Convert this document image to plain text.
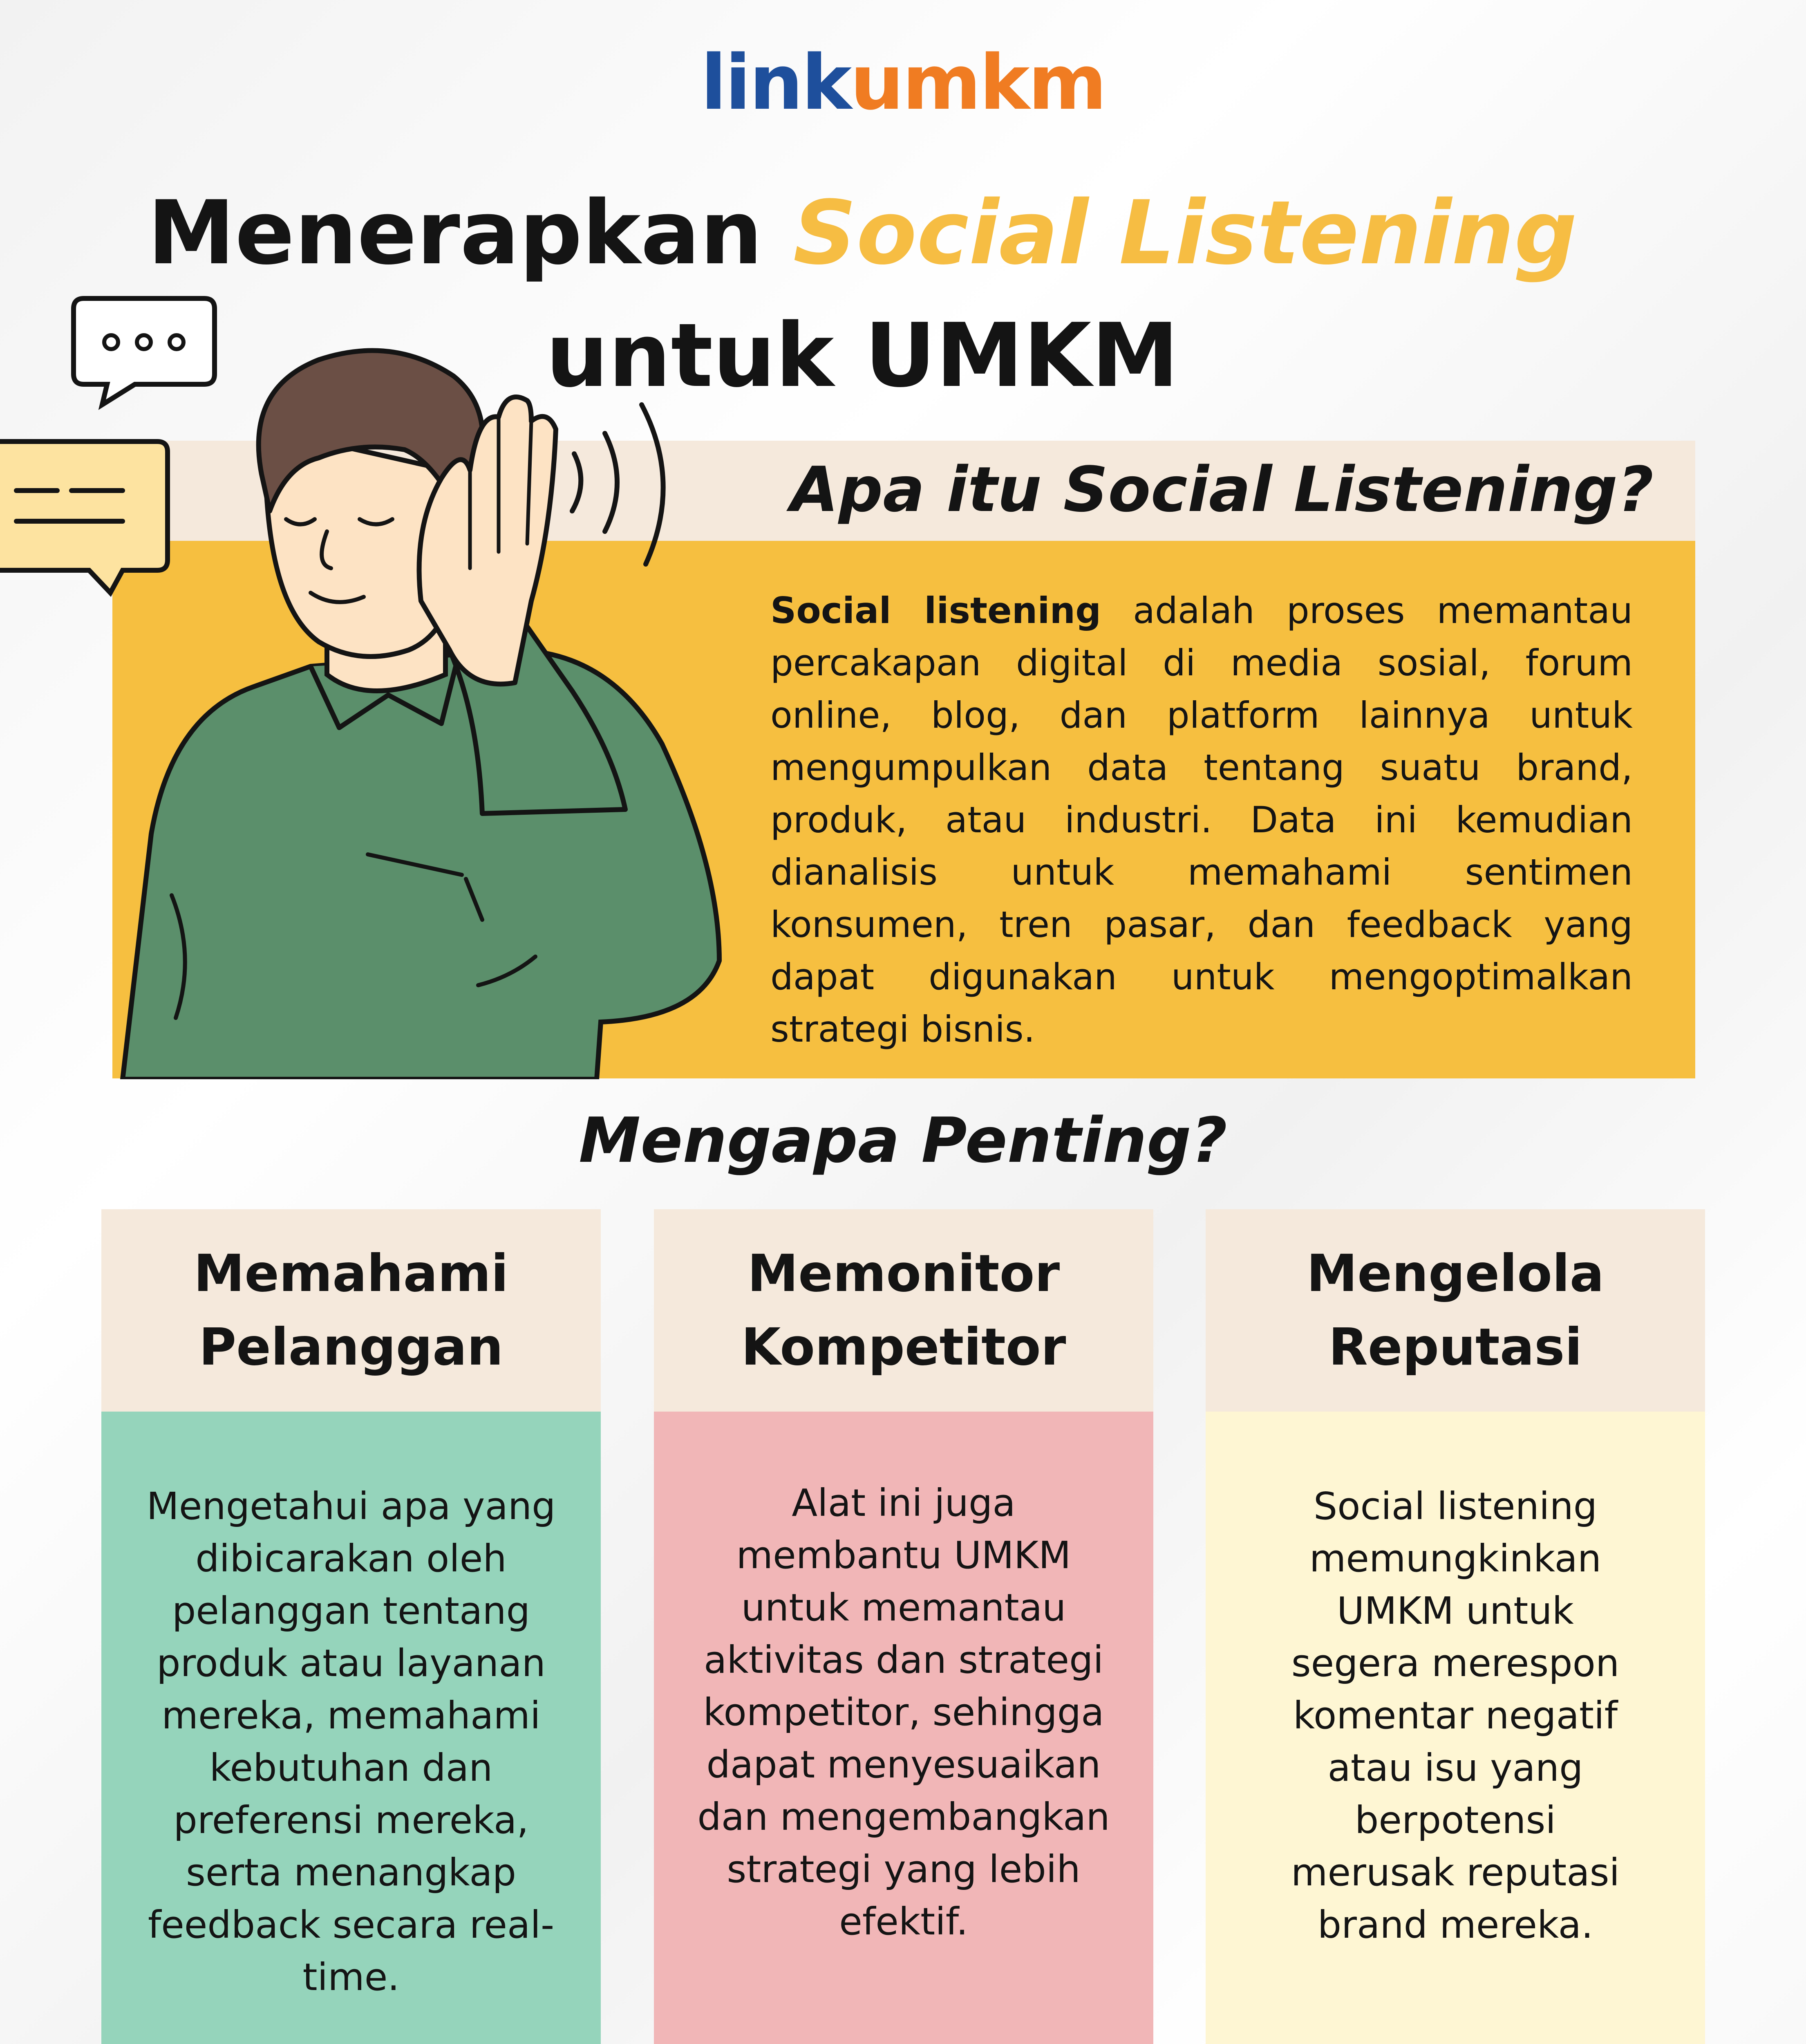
linkumkm
Menerapkan Social Listening
untuk UMKM
Apa itu Social Listening?
Social listening adalah proses memantau percakapan digital di media sosial, forum online, blog, dan platform lainnya untuk mengumpulkan data tentang suatu brand, produk, atau industri. Data ini kemudian dianalisis untuk memahami sentimen konsumen, tren pasar, dan feedback yang dapat digunakan untuk mengoptimalkan strategi bisnis.
Mengapa Penting?
Memahami Pelanggan
Mengetahui apa yang dibicarakan oleh pelanggan tentang produk atau layanan mereka, memahami kebutuhan dan preferensi mereka, serta menangkap feedback secara real-time.
Memonitor Kompetitor
Alat ini juga membantu UMKM untuk memantau aktivitas dan strategi kompetitor, sehingga dapat menyesuaikan dan mengembangkan strategi yang lebih efektif.
Mengelola Reputasi
Social listening memungkinkan UMKM untuk segera merespon komentar negatif atau isu yang berpotensi merusak reputasi brand mereka.
